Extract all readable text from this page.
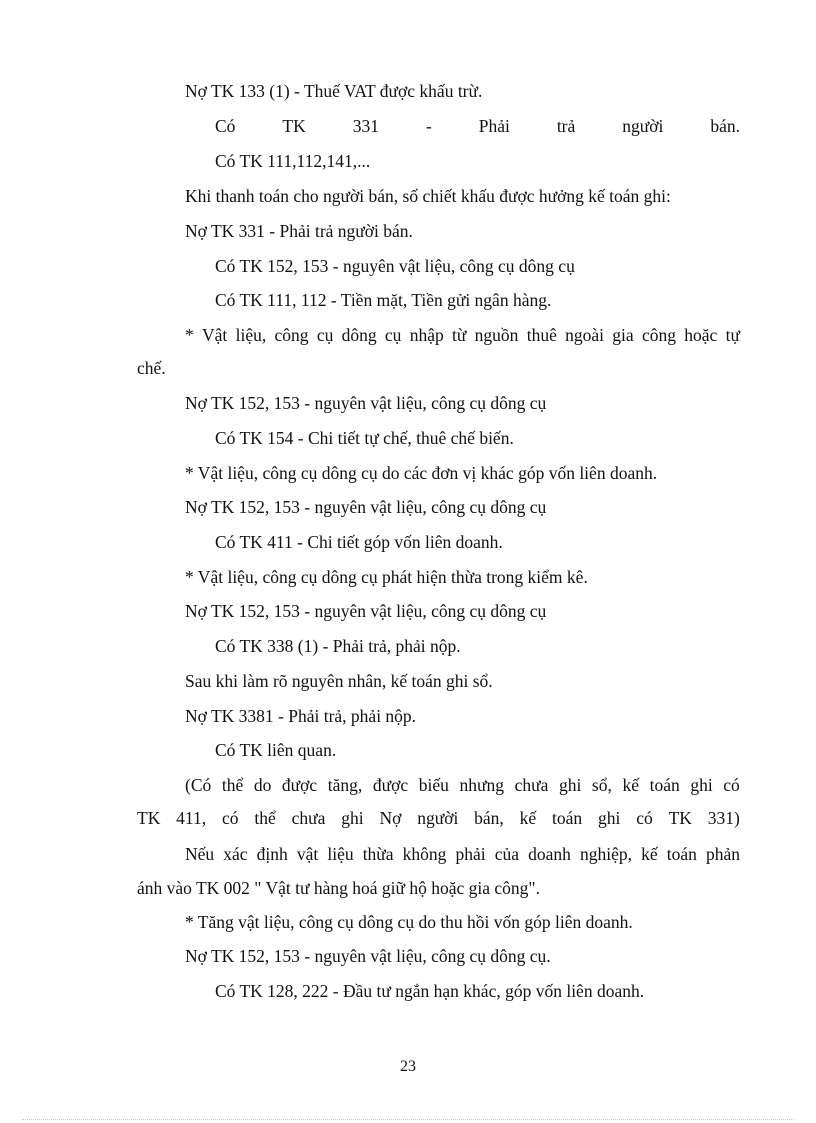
Nợ TK 133 (1) - Thuế VAT được khấu trừ.
Có	TK	331	-	Phải	trả	người	bán.
Có TK 111,112,141,...
Khi thanh toán cho người bán, số chiết khấu được hưởng kế toán ghi:
Nợ TK 331 - Phải trả người bán.
Có TK 152, 153 - nguyên vật liệu, công cụ dông cụ
Có TK 111, 112 - Tiền mặt, Tiền gửi ngân hàng.
* Vật liệu, công cụ dông cụ nhập từ nguồn thuê ngoài gia công hoặc tự
chế.
Nợ TK 152, 153 - nguyên vật liệu, công cụ dông cụ
Có TK 154 - Chi tiết tự chế, thuê chế biến.
* Vật liệu, công cụ dông cụ do các đơn vị khác góp vốn liên doanh.
Nợ TK 152, 153 - nguyên vật liệu, công cụ dông cụ
Có TK 411 - Chi tiết góp vốn liên doanh.
* Vật liệu, công cụ dông cụ phát hiện thừa trong kiểm kê.
Nợ TK 152, 153 - nguyên vật liệu, công cụ dông cụ
Có TK 338 (1) - Phải trả, phải nộp.
Sau khi làm rõ nguyên nhân, kế toán ghi sổ.
Nợ TK 3381 - Phải trả, phải nộp.
Có TK liên quan.
(Có thể do được tăng, được biếu nhưng chưa ghi sổ, kế toán ghi có
TK 411, có thể chưa ghi Nợ người bán, kế toán ghi có TK 331)
Nếu xác định vật liệu thừa không phải của doanh nghiệp, kế toán phản
ánh vào TK 002 " Vật tư hàng hoá giữ hộ hoặc gia công".
* Tăng vật liệu, công cụ dông cụ do thu hồi vốn góp liên doanh.
Nợ TK 152, 153 - nguyên vật liệu, công cụ dông cụ.
Có TK 128, 222 - Đầu tư ngắn hạn khác, góp vốn liên doanh.
23
